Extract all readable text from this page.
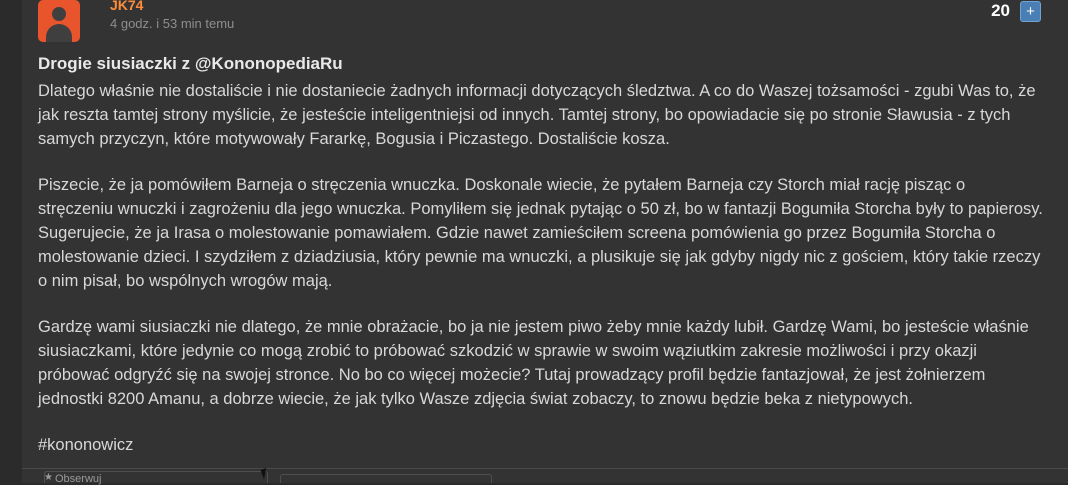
JK74
4 godz. i 53 min temu
20	+
Drogie siusiaczki z @KononopediaRu

Dlatego właśnie nie dostaliście i nie dostaniecie żadnych informacji dotyczących śledztwa. A co do Waszej tożsamości - zgubi Was to, że jak reszta tamtej strony myślicie, że jesteście inteligentniejsi od innych. Tamtej strony, bo opowiadacie się po stronie Sławusia - z tych samych przyczyn, które motywowały Fararkę, Bogusia i Piczastego. Dostaliście kosza.

Piszecie, że ja pomówiłem Barneja o stręczenia wnuczka. Doskonale wiecie, że pytałem Barneja czy Storch miał rację pisząc o stręczeniu wnuczki i zagrożeniu dla jego wnuczka. Pomyliłem się jednak pytając o 50 zł, bo w fantazji Bogumiła Storcha były to papierosy. Sugerujecie, że ja Irasa o molestowanie pomawiałem. Gdzie nawet zamieściłem screena pomówienia go przez Bogumiła Storcha o molestowanie dzieci. I szydziłem z dziadziusia, który pewnie ma wnuczki, a plusikuje się jak gdyby nigdy nic z gościem, który takie rzeczy o nim pisał, bo wspólnych wrogów mają.

Gardzę wami siusiaczki nie dlatego, że mnie obrażacie, bo ja nie jestem piwo żeby mnie każdy lubił. Gardzę Wami, bo jesteście właśnie siusiaczkami, które jedynie co mogą zrobić to próbować szkodzić w sprawie w swoim wąziutkim zakresie możliwości i przy okazji próbować odgryźć się na swojej stronce. No bo co więcej możecie? Tutaj prowadzący profil będzie fantazjował, że jest żołnierzem jednostki 8200 Amanu, a dobrze wiecie, że jak tylko Wasze zdjęcia świat zobaczy, to znowu będzie beka z nietypowych.

#kononowicz
★ Obserwuj
